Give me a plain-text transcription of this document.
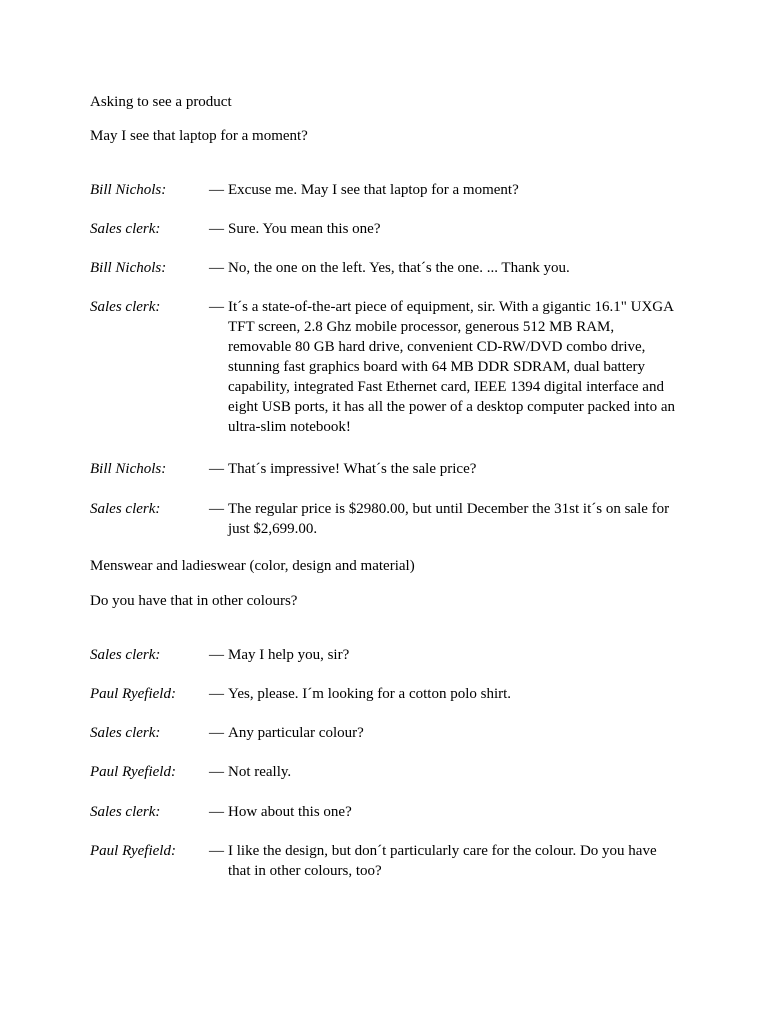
Asking to see a product

May I see that laptop for a moment?

Bill Nichols:	— Excuse me. May I see that laptop for a moment?
Sales clerk:	— Sure. You mean this one?
Bill Nichols:	— No, the one on the left. Yes, that´s the one. ... Thank you.
Sales clerk:	— It´s a state-of-the-art piece of equipment, sir. With a gigantic 16.1" UXGA TFT screen, 2.8 Ghz mobile processor, generous 512 MB RAM, removable 80 GB hard drive, convenient CD-RW/DVD combo drive, stunning fast graphics board with 64 MB DDR SDRAM, dual battery capability, integrated Fast Ethernet card, IEEE 1394 digital interface and eight USB ports, it has all the power of a desktop computer packed into an ultra-slim notebook!
Bill Nichols:	— That´s impressive! What´s the sale price?
Sales clerk:	— The regular price is $2980.00, but until December the 31st it´s on sale for just $2,699.00.
Menswear and ladieswear (color, design and material)

Do you have that in other colours?

Sales clerk:	— May I help you, sir?
Paul Ryefield: — Yes, please. I´m looking for a cotton polo shirt.
Sales clerk:	— Any particular colour?
Paul Ryefield: — Not really.
Sales clerk:	— How about this one?
Paul Ryefield: — I like the design, but don´t particularly care for the colour. Do you have that in other colours, too?
